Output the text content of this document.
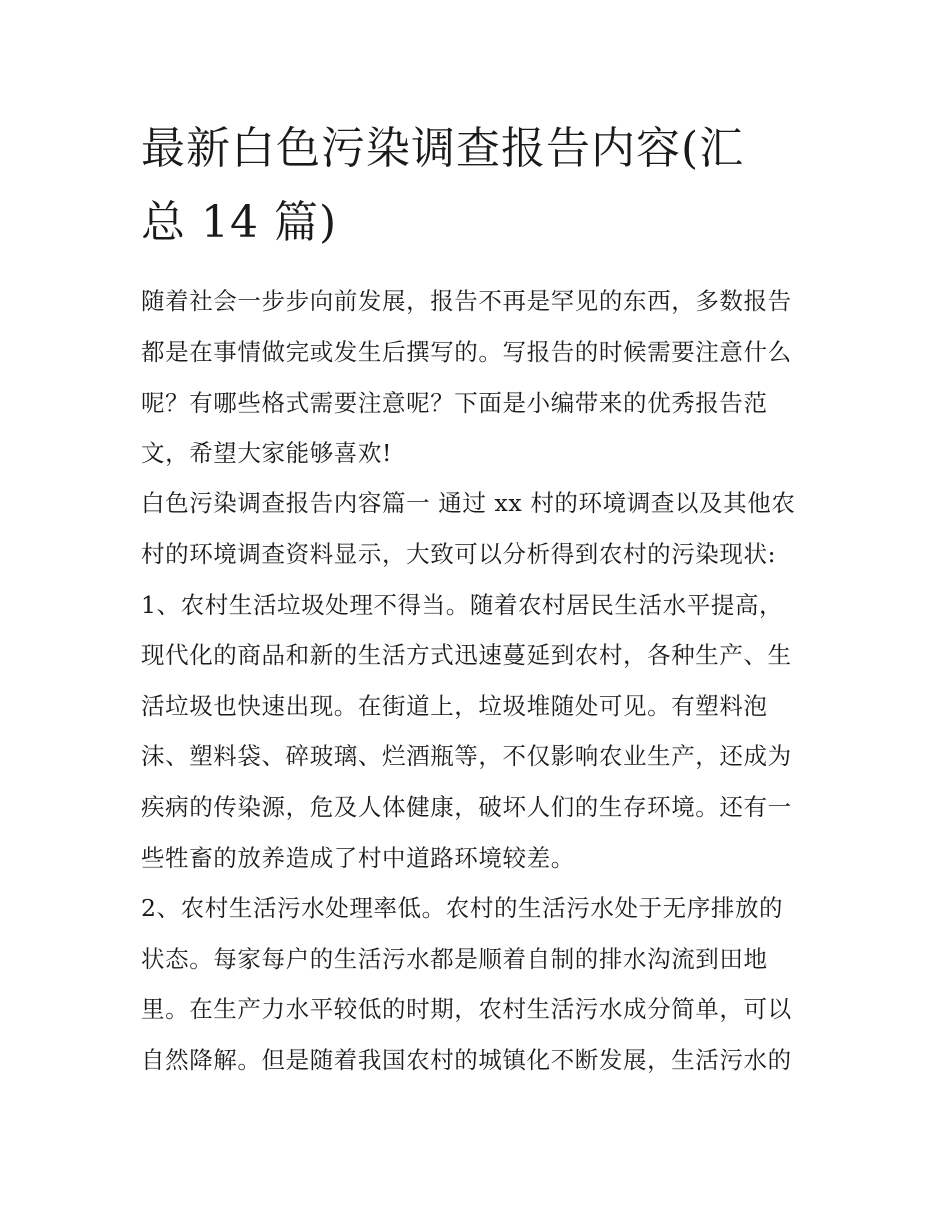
最新白色污染调查报告内容(汇
总 14 篇)

随着社会一步步向前发展，报告不再是罕见的东西，多数报告

都是在事情做完或发生后撰写的。写报告的时候需要注意什么

呢？有哪些格式需要注意呢？下面是小编带来的优秀报告范

文，希望大家能够喜欢!

白色污染调查报告内容篇一 通过 xx 村的环境调查以及其他农

村的环境调查资料显示，大致可以分析得到农村的污染现状:

1、农村生活垃圾处理不得当。随着农村居民生活水平提高，

现代化的商品和新的生活方式迅速蔓延到农村，各种生产、生

活垃圾也快速出现。在街道上，垃圾堆随处可见。有塑料泡

沫、塑料袋、碎玻璃、烂酒瓶等，不仅影响农业生产，还成为

疾病的传染源，危及人体健康，破坏人们的生存环境。还有一

些牲畜的放养造成了村中道路环境较差。

2、农村生活污水处理率低。农村的生活污水处于无序排放的

状态。每家每户的生活污水都是顺着自制的排水沟流到田地

里。在生产力水平较低的时期，农村生活污水成分简单，可以

自然降解。但是随着我国农村的城镇化不断发展，生活污水的
